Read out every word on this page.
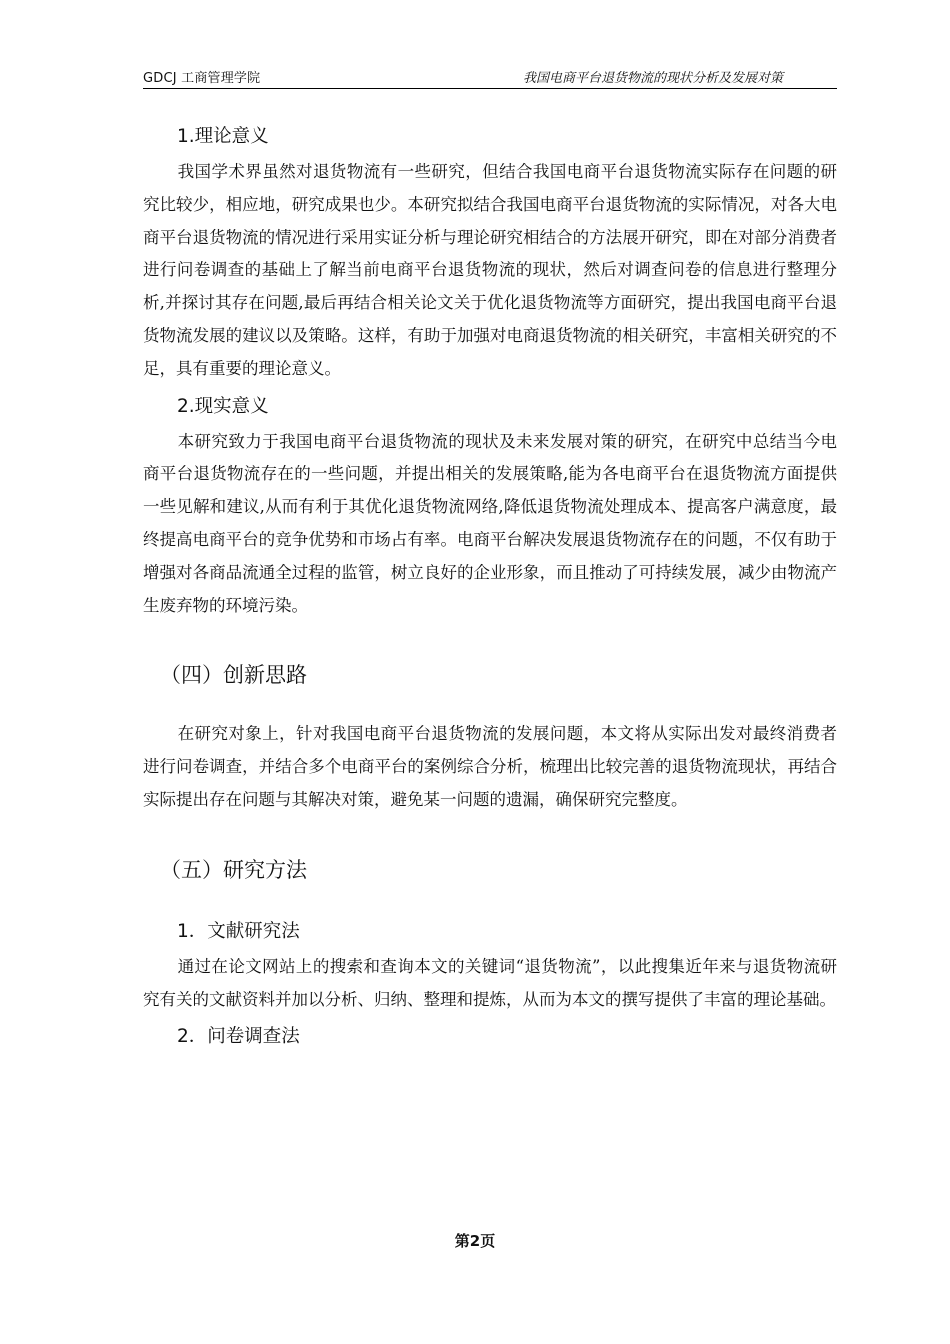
GDCJ 工商管理学院	我国电商平台退货物流的现状分析及发展对策
1.理论意义

我国学术界虽然对退货物流有一些研究，但结合我国电商平台退货物流实际存在问题的研究比较少，相应地，研究成果也少。本研究拟结合我国电商平台退货物流的实际情况，对各大电商平台退货物流的情况进行采用实证分析与理论研究相结合的方法展开研究，即在对部分消费者进行问卷调查的基础上了解当前电商平台退货物流的现状，然后对调查问卷的信息进行整理分析,并探讨其存在问题,最后再结合相关论文关于优化退货物流等方面研究，提出我国电商平台退货物流发展的建议以及策略。这样，有助于加强对电商退货物流的相关研究，丰富相关研究的不足，具有重要的理论意义。

2.现实意义

本研究致力于我国电商平台退货物流的现状及未来发展对策的研究，在研究中总结当今电商平台退货物流存在的一些问题，并提出相关的发展策略,能为各电商平台在退货物流方面提供一些见解和建议,从而有利于其优化退货物流网络,降低退货物流处理成本、提高客户满意度，最终提高电商平台的竞争优势和市场占有率。电商平台解决发展退货物流存在的问题，不仅有助于增强对各商品流通全过程的监管，树立良好的企业形象，而且推动了可持续发展，减少由物流产生废弃物的环境污染。

（四）创新思路

在研究对象上，针对我国电商平台退货物流的发展问题，本文将从实际出发对最终消费者进行问卷调查，并结合多个电商平台的案例综合分析，梳理出比较完善的退货物流现状，再结合实际提出存在问题与其解决对策，避免某一问题的遗漏，确保研究完整度。

（五）研究方法
1．文献研究法

通过在论文网站上的搜索和查询本文的关键词“退货物流”，以此搜集近年来与退货物流研究有关的文献资料并加以分析、归纳、整理和提炼，从而为本文的撰写提供了丰富的理论基础。

2．问卷调查法
第2页
